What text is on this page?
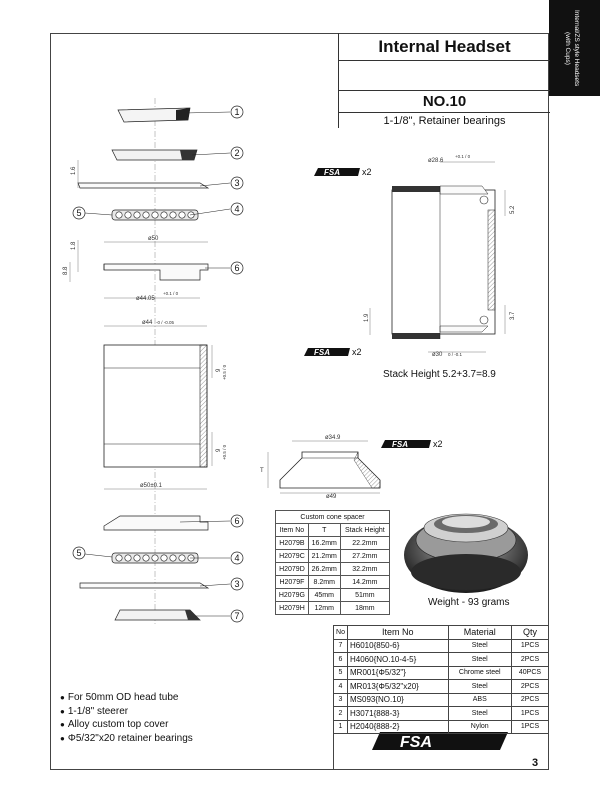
Internal/ZS style Headsets
(with Cups)
Internal Headset
NO.10
1-1/8", Retainer bearings
1
2
3
4
5
6
6
5	4
3
7
1.6
1.8
8.8
ø50
ø44.05
+0.1 / 0
ø44 -0 / -0.05
9 +0.5 / 0
9 +0.5 / 0
ø50±0.1
FSA x2
FSA x2
FSA	x2
ø28.6
+0.1 / 0
5.2
1.9	3.7
ø30 0 / -0.1
ø34.9
T
ø49
FSA
Stack Height 5.2+3.7=8.9
Weight - 93 grams
Custom cone spacer		
Item No	T	Stack Height
H2079B	16.2mm	22.2mm
H2079C	21.2mm	27.2mm
H2079D	26.2mm	32.2mm
H2079F	8.2mm	14.2mm
H2079G	45mm	51mm
H2079H	12mm	18mm
No	Item No	Material	Qty
7	H6010{850-6}	Steel	1PCS
6	H4060{NO.10-4-5}	Steel	2PCS
5	MR001{Φ5/32"}	Chrome steel	40PCS
4	MR013{Φ5/32"x20}	Steel	2PCS
3	MS093{NO.10}	ABS	2PCS
2	H3071{888-3}	Steel	1PCS
1	H2040{888-2}	Nylon	1PCS
● For 50mm OD head tube
● 1-1/8" steerer
● Alloy custom top cover
● Φ5/32"x20 retainer bearings
3
